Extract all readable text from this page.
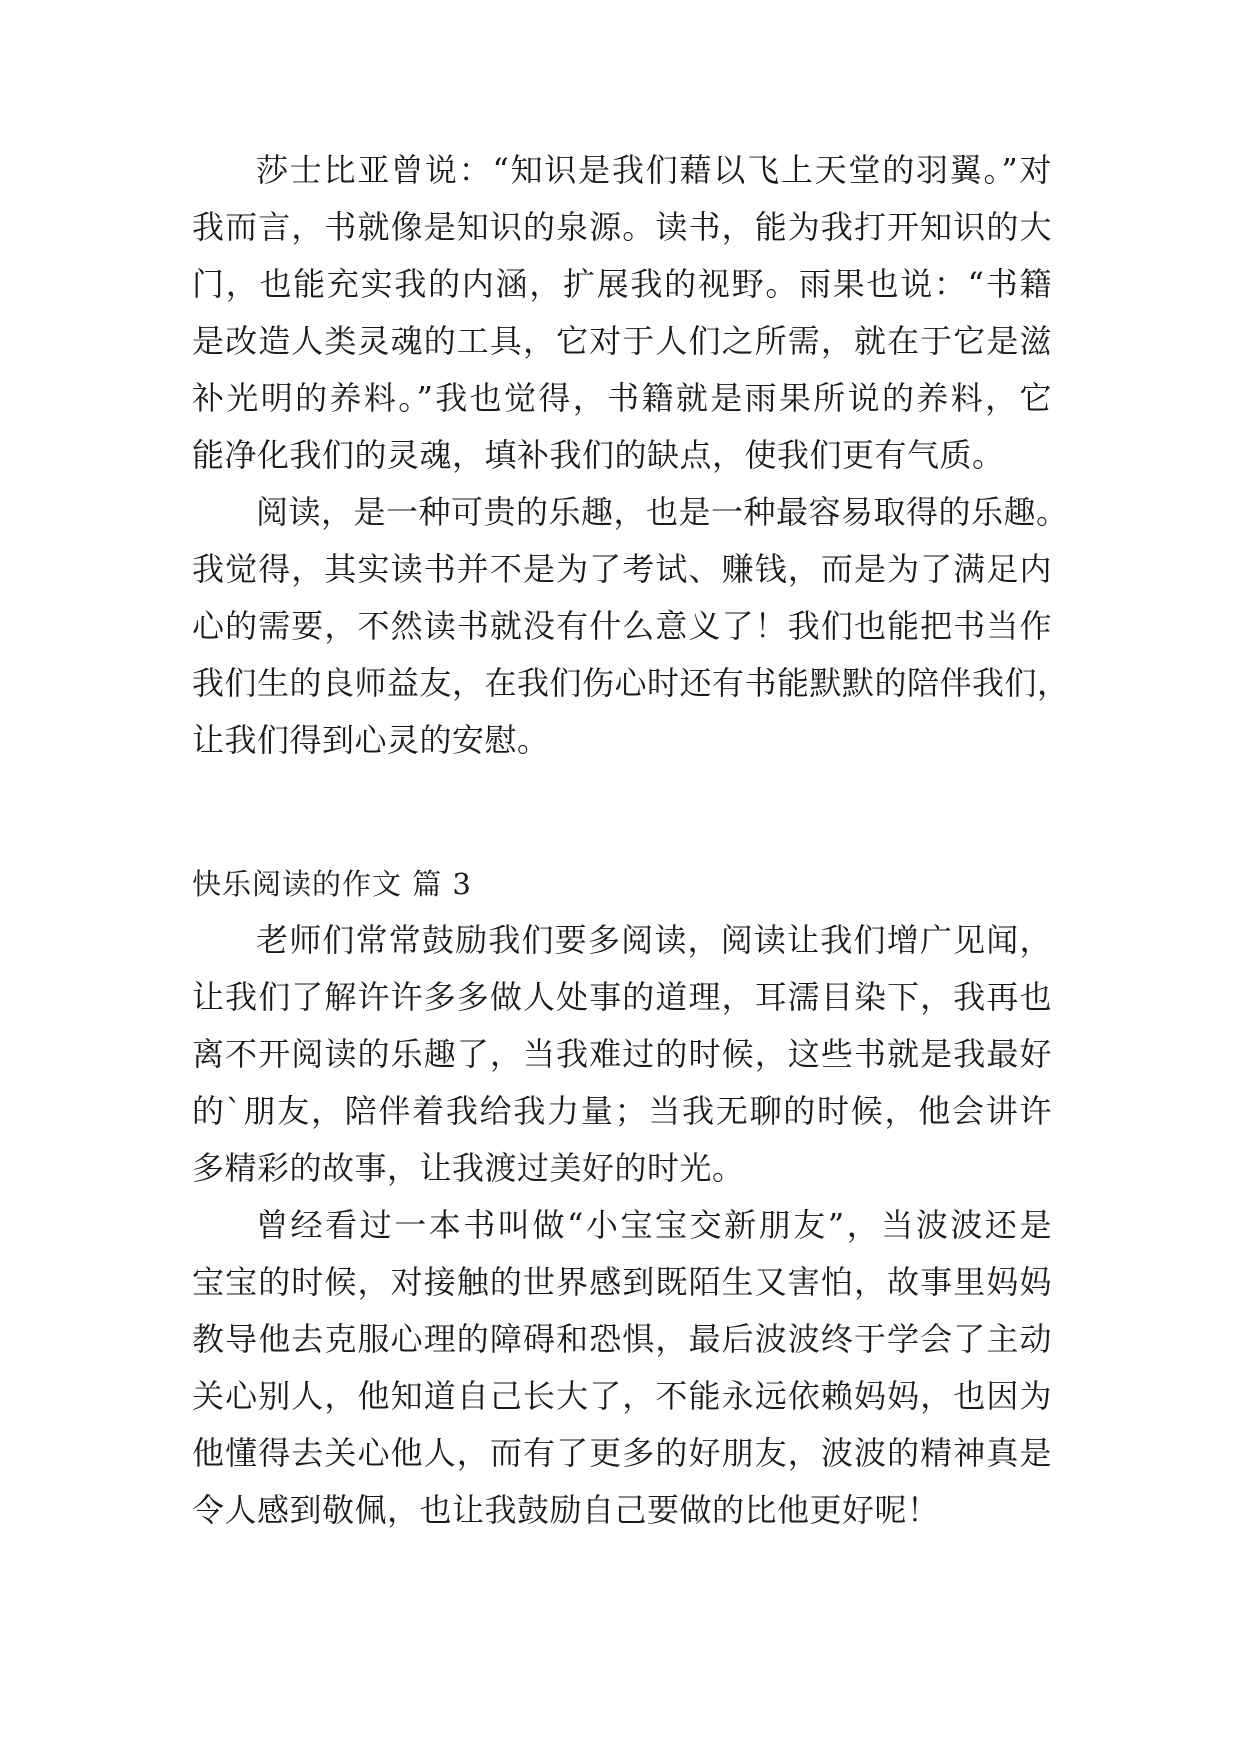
莎士比亚曾说：“知识是我们藉以飞上天堂的羽翼。”对

我而言，书就像是知识的泉源。读书，能为我打开知识的大

门，也能充实我的内涵，扩展我的视野。雨果也说：“书籍

是改造人类灵魂的工具，它对于人们之所需，就在于它是滋

补光明的养料。”我也觉得，书籍就是雨果所说的养料，它

能净化我们的灵魂，填补我们的缺点，使我们更有气质。

阅读，是一种可贵的乐趣，也是一种最容易取得的乐趣。

我觉得，其实读书并不是为了考试、赚钱，而是为了满足内

心的需要，不然读书就没有什么意义了！我们也能把书当作

我们生的良师益友，在我们伤心时还有书能默默的陪伴我们，

让我们得到心灵的安慰。

快乐阅读的作文 篇 3

老师们常常鼓励我们要多阅读，阅读让我们增广见闻，

让我们了解许许多多做人处事的道理，耳濡目染下，我再也

离不开阅读的乐趣了，当我难过的时候，这些书就是我最好

的`朋友，陪伴着我给我力量；当我无聊的时候，他会讲许

多精彩的故事，让我渡过美好的时光。

曾经看过一本书叫做“小宝宝交新朋友”，当波波还是

宝宝的时候，对接触的世界感到既陌生又害怕，故事里妈妈

教导他去克服心理的障碍和恐惧，最后波波终于学会了主动

关心别人，他知道自己长大了，不能永远依赖妈妈，也因为

他懂得去关心他人，而有了更多的好朋友，波波的精神真是

令人感到敬佩，也让我鼓励自己要做的比他更好呢！
